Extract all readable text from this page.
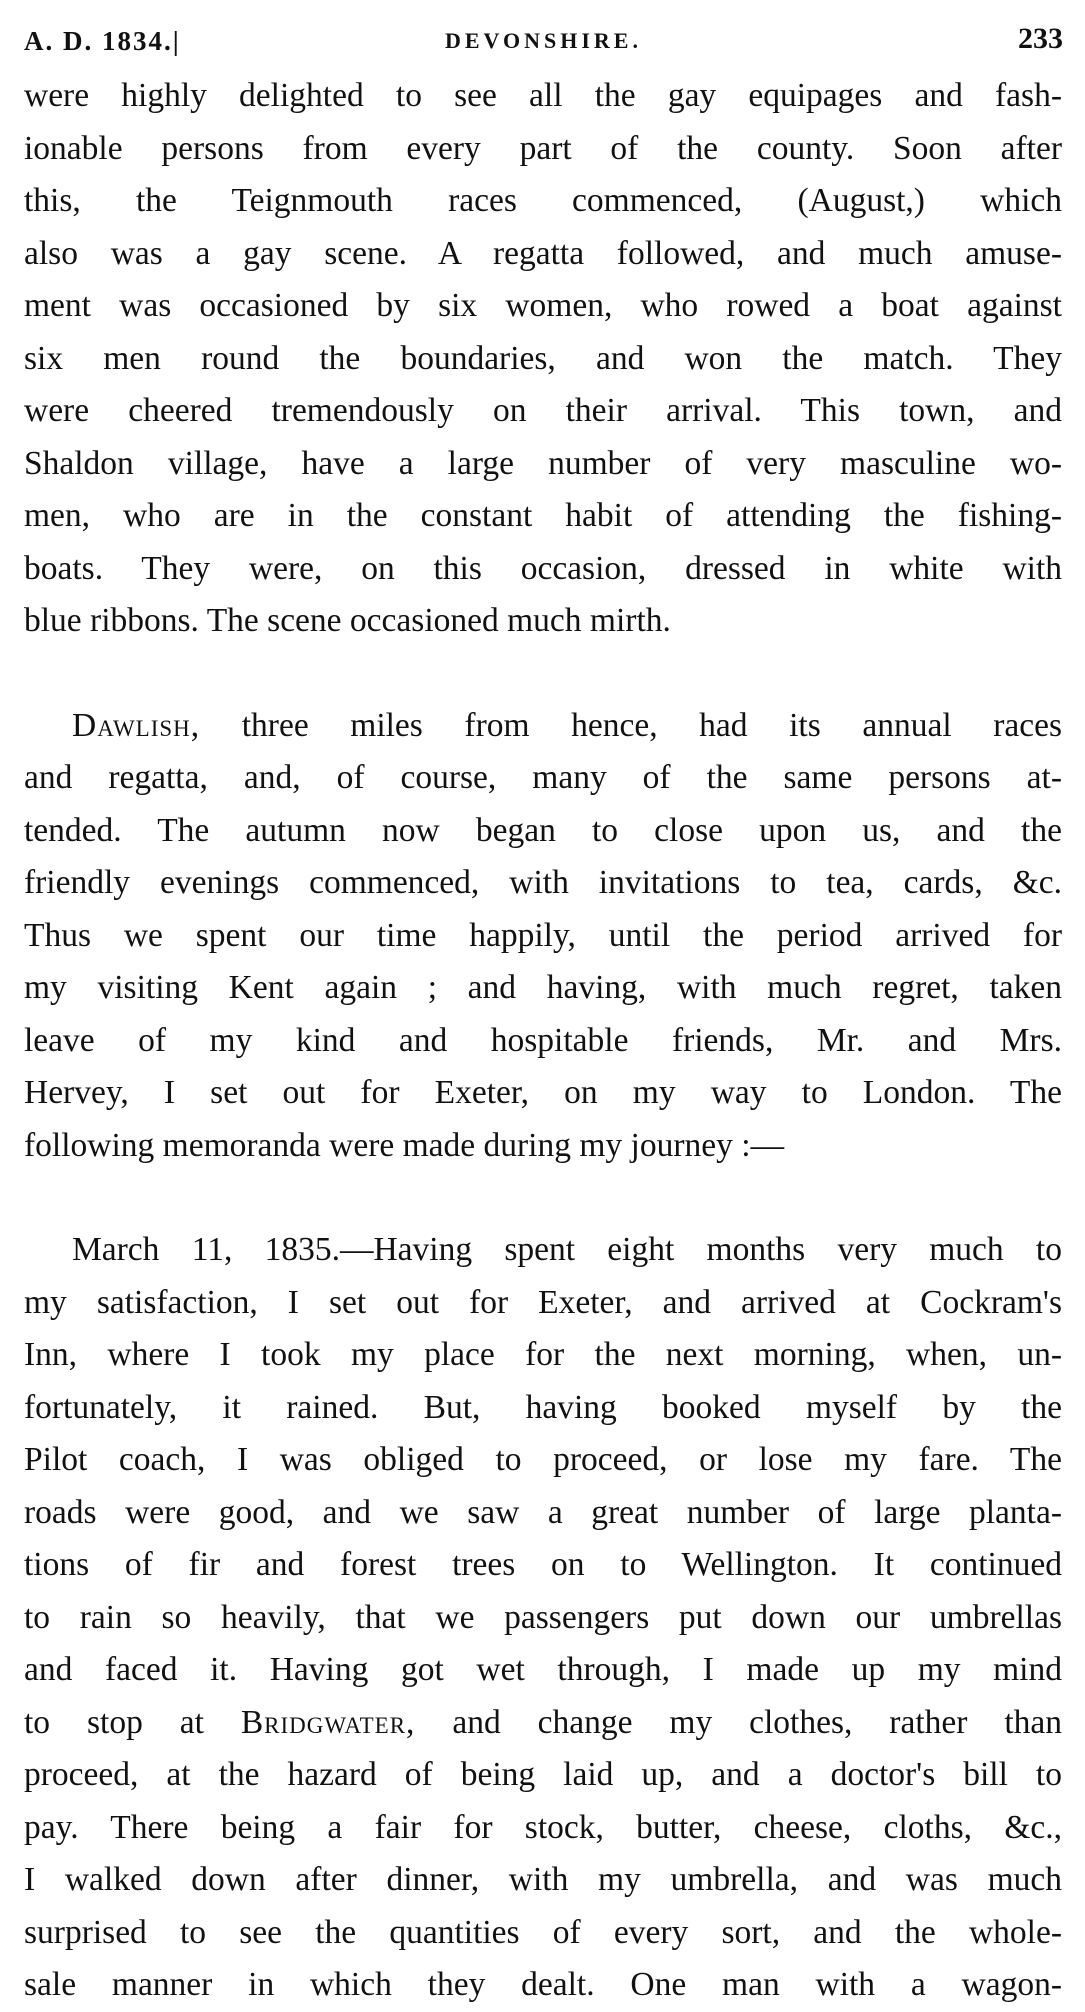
A. D. 1834.|	DEVONSHIRE.	233
were highly delighted to see all the gay equipages and fash-
ionable persons from every part of the county. Soon after
this, the Teignmouth races commenced, (August,) which
also was a gay scene. A regatta followed, and much amuse-
ment was occasioned by six women, who rowed a boat against
six men round the boundaries, and won the match. They
were cheered tremendously on their arrival. This town, and
Shaldon village, have a large number of very masculine wo-
men, who are in the constant habit of attending the fishing-
boats. They were, on this occasion, dressed in white with
blue ribbons. The scene occasioned much mirth.
Dawlish, three miles from hence, had its annual races
and regatta, and, of course, many of the same persons at-
tended. The autumn now began to close upon us, and the
friendly evenings commenced, with invitations to tea, cards, &c.
Thus we spent our time happily, until the period arrived for
my visiting Kent again ; and having, with much regret, taken
leave of my kind and hospitable friends, Mr. and Mrs.
Hervey, I set out for Exeter, on my way to London. The
following memoranda were made during my journey :—
March 11, 1835.—Having spent eight months very much to
my satisfaction, I set out for Exeter, and arrived at Cockram's
Inn, where I took my place for the next morning, when, un-
fortunately, it rained. But, having booked myself by the
Pilot coach, I was obliged to proceed, or lose my fare. The
roads were good, and we saw a great number of large planta-
tions of fir and forest trees on to Wellington. It continued
to rain so heavily, that we passengers put down our umbrellas
and faced it. Having got wet through, I made up my mind
to stop at Bridgwater, and change my clothes, rather than
proceed, at the hazard of being laid up, and a doctor's bill to
pay. There being a fair for stock, butter, cheese, cloths, &c.,
I walked down after dinner, with my umbrella, and was much
surprised to see the quantities of every sort, and the whole-
sale manner in which they dealt. One man with a wagon-
